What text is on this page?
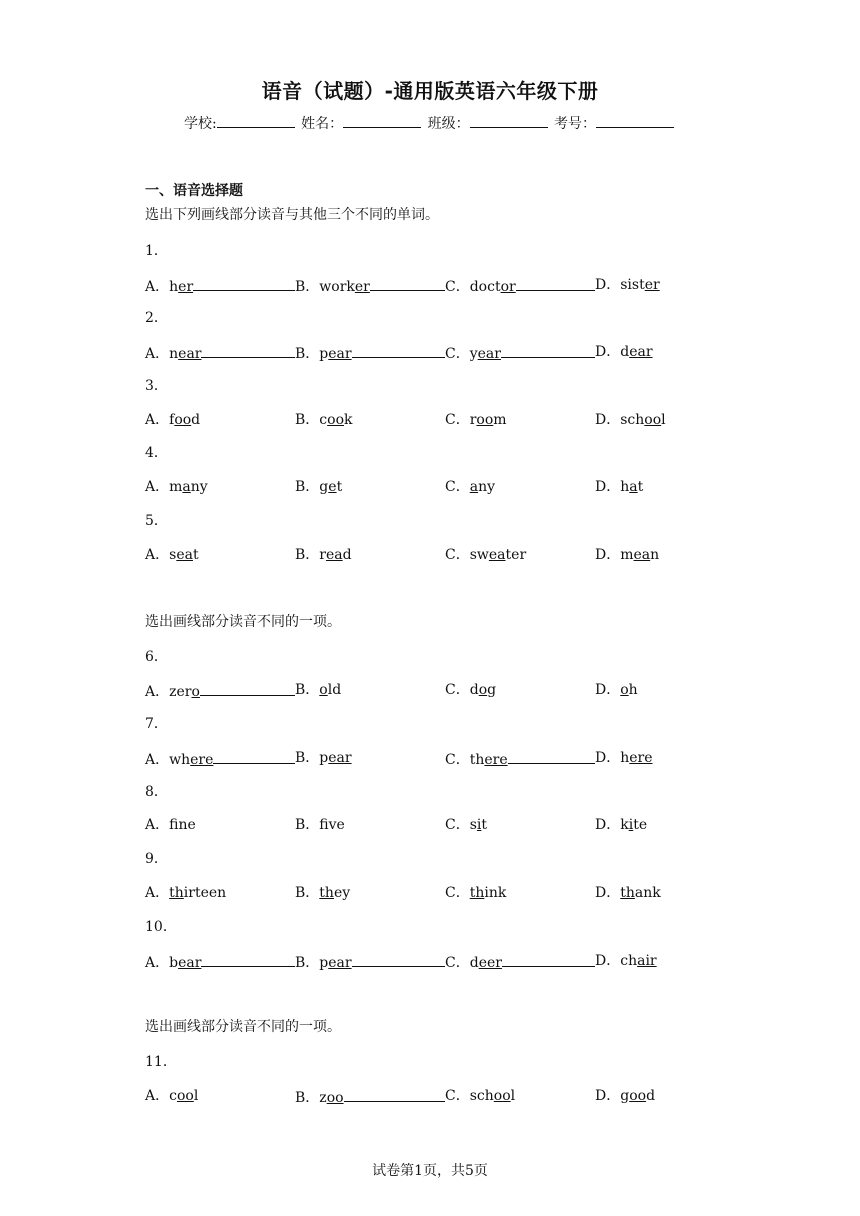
语音（试题）-通用版英语六年级下册
学校:	姓名：	班级：	考号：
一、语音选择题
选出下列画线部分读音与其他三个不同的单词。
选出画线部分读音不同的一项。
选出画线部分读音不同的一项。
1．
A．her	B．worker	C．doctor	D．sister
2．
A．near	B．pear	C．year	D．dear
3．
A．food	B．cook	C．room	D．school
4．
A．many	B．get	C．any	D．hat
5．
A．seat	B．read	C．sweater	D．mean
6．
A．zero	B．old	C．dog	D．oh
7．
A．where	B．pear	C．there	D．here
8．
A．fne	B．fve	C．sit	D．kite
9．
A．thirteen	B．they	C．think	D．thank
10．
A．bear	B．pear	C．deer	D．chair
11．
A．cool	B．zoo	C．school	D．good
试卷第1页，共5页
